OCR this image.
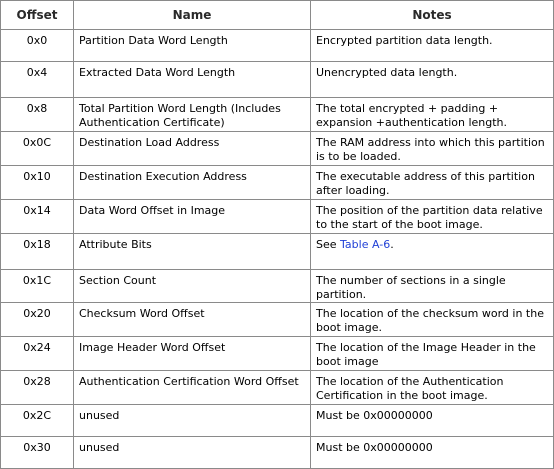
Offset	Name	Notes
0x0	Partition Data Word Length	Encrypted partition data length.
0x4	Extracted Data Word Length	Unencrypted data length.
0x8	Total Partition Word Length (Includes Authentication Certificate)	The total encrypted + padding + expansion +authentication length.
0x0C	Destination Load Address	The RAM address into which this partition is to be loaded.
0x10	Destination Execution Address	The executable address of this partition after loading.
0x14	Data Word Offset in Image	The position of the partition data relative to the start of the boot image.
0x18	Attribute Bits	See Table A-6.
0x1C	Section Count	The number of sections in a single partition.
0x20	Checksum Word Offset	The location of the checksum word in the boot image.
0x24	Image Header Word Offset	The location of the Image Header in the boot image
0x28	Authentication Certification Word Offset	The location of the Authentication Certification in the boot image.
0x2C	unused	Must be 0x00000000
0x30	unused	Must be 0x00000000
